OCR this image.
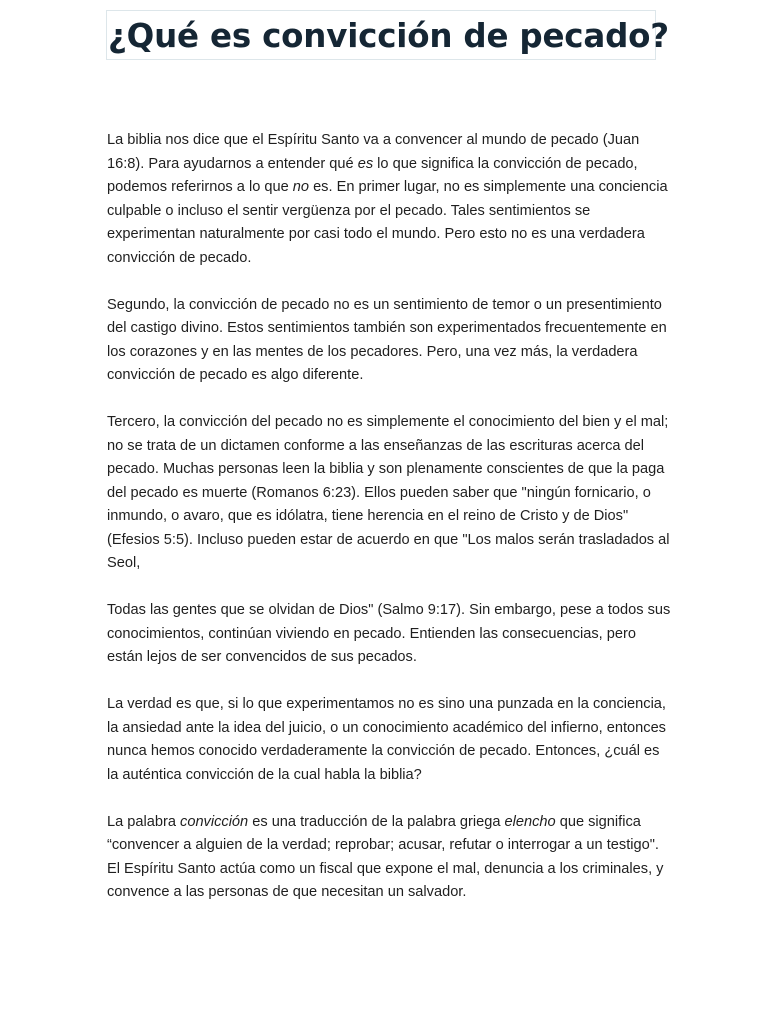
¿Qué es convicción de pecado?

La biblia nos dice que el Espíritu Santo va a convencer al mundo de pecado (Juan 16:8). Para ayudarnos a entender qué es lo que significa la convicción de pecado, podemos referirnos a lo que no es. En primer lugar, no es simplemente una conciencia culpable o incluso el sentir vergüenza por el pecado. Tales sentimientos se experimentan naturalmente por casi todo el mundo. Pero esto no es una verdadera convicción de pecado.

Segundo, la convicción de pecado no es un sentimiento de temor o un presentimiento del castigo divino. Estos sentimientos también son experimentados frecuentemente en los corazones y en las mentes de los pecadores. Pero, una vez más, la verdadera convicción de pecado es algo diferente.

Tercero, la convicción del pecado no es simplemente el conocimiento del bien y el mal; no se trata de un dictamen conforme a las enseñanzas de las escrituras acerca del pecado. Muchas personas leen la biblia y son plenamente conscientes de que la paga del pecado es muerte (Romanos 6:23). Ellos pueden saber que "ningún fornicario, o inmundo, o avaro, que es idólatra, tiene herencia en el reino de Cristo y de Dios" (Efesios 5:5). Incluso pueden estar de acuerdo en que "Los malos serán trasladados al Seol,

Todas las gentes que se olvidan de Dios" (Salmo 9:17). Sin embargo, pese a todos sus conocimientos, continúan viviendo en pecado. Entienden las consecuencias, pero están lejos de ser convencidos de sus pecados.

La verdad es que, si lo que experimentamos no es sino una punzada en la conciencia, la ansiedad ante la idea del juicio, o un conocimiento académico del infierno, entonces nunca hemos conocido verdaderamente la convicción de pecado. Entonces, ¿cuál es la auténtica convicción de la cual habla la biblia?

La palabra convicción es una traducción de la palabra griega elencho que significa “convencer a alguien de la verdad; reprobar; acusar, refutar o interrogar a un testigo". El Espíritu Santo actúa como un fiscal que expone el mal, denuncia a los criminales, y convence a las personas de que necesitan un salvador.
